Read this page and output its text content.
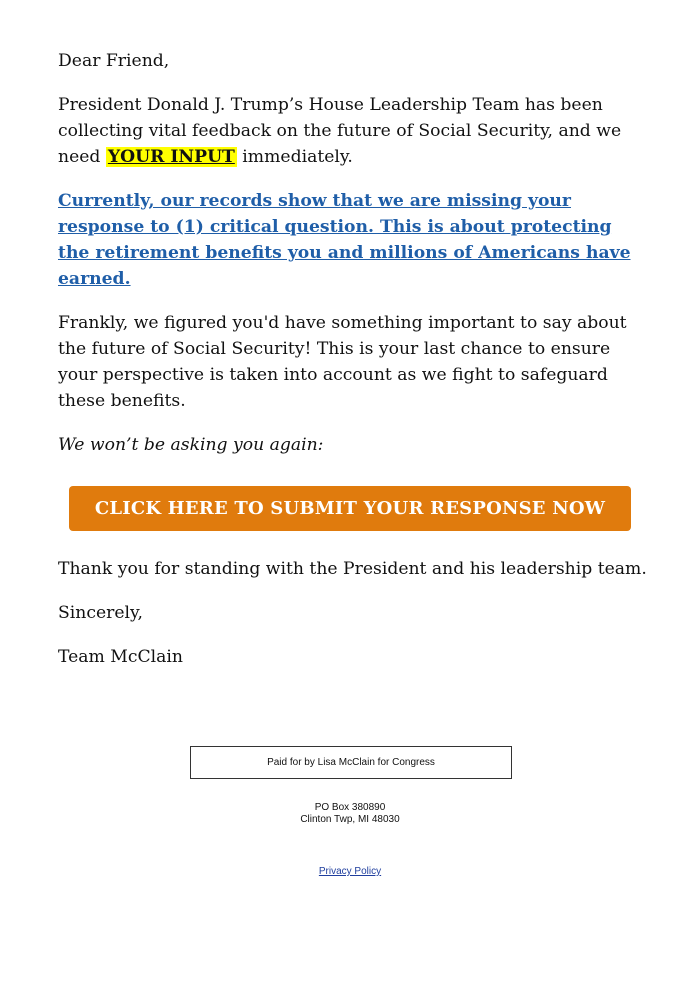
Dear Friend,

President Donald J. Trump’s House Leadership Team has been collecting vital feedback on the future of Social Security, and we need YOUR INPUT immediately.

Currently, our records show that we are missing your response to (1) critical question. This is about protecting the retirement benefits you and millions of Americans have earned.

Frankly, we figured you'd have something important to say about the future of Social Security! This is your last chance to ensure your perspective is taken into account as we fight to safeguard these benefits.

We won’t be asking you again:

CLICK HERE TO SUBMIT YOUR RESPONSE NOW

Thank you for standing with the President and his leadership team.

Sincerely,

Team McClain

Paid for by Lisa McClain for Congress
PO Box 380890
Clinton Twp, MI 48030
Privacy Policy
